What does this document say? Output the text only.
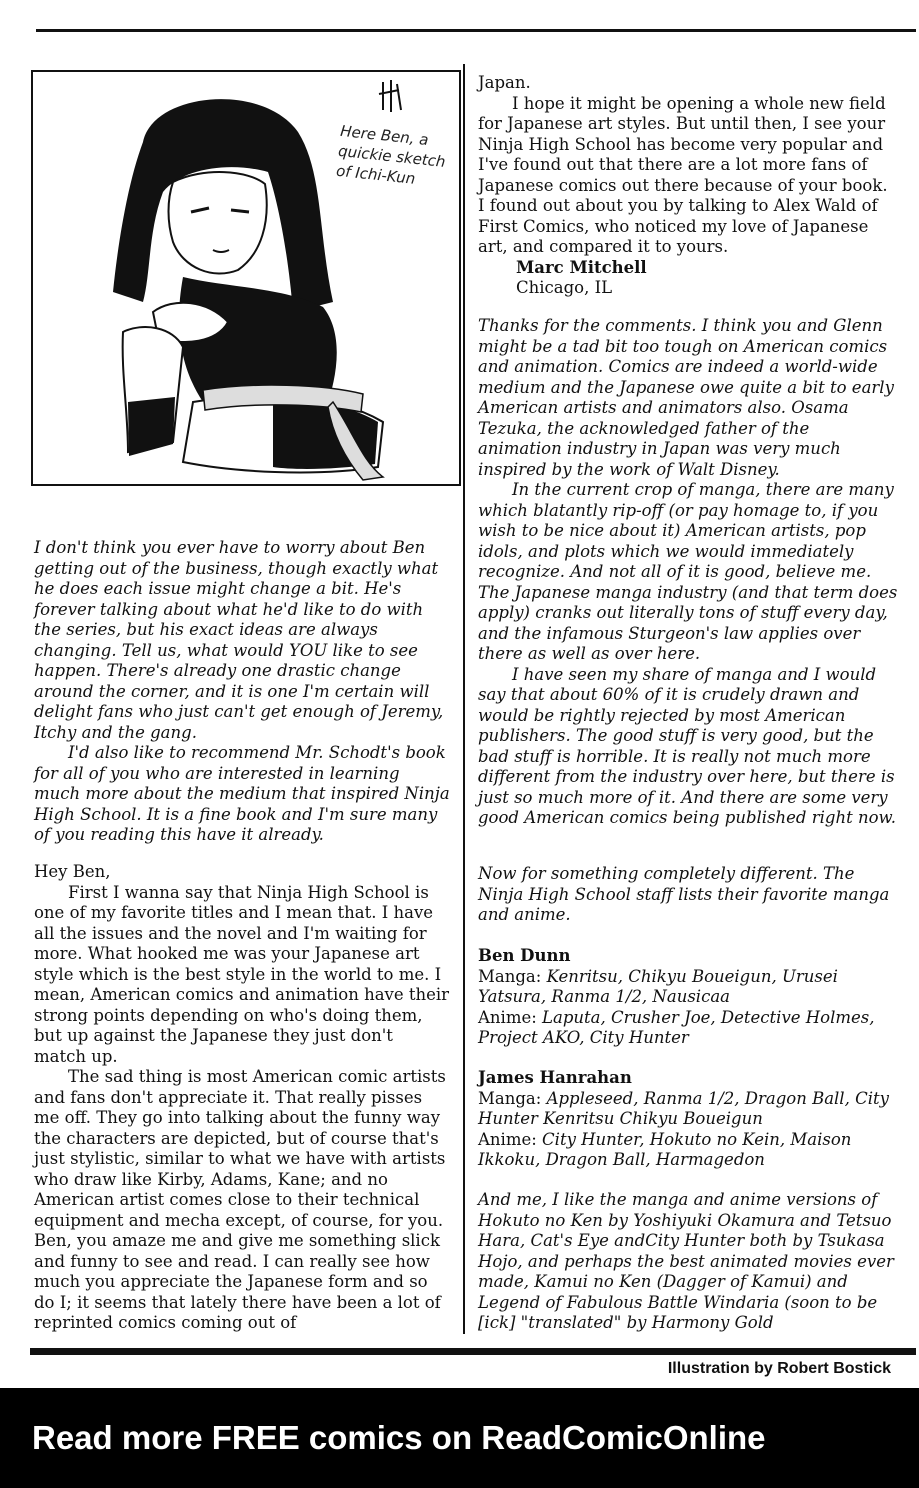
Here Ben, a quickie sketch of Ichi-Kun

I don't think you ever have to worry about Ben getting out of the business, though exactly what he does each issue might change a bit. He's forever talking about what he'd like to do with the series, but his exact ideas are always changing. Tell us, what would YOU like to see happen. There's already one drastic change around the corner, and it is one I'm certain will delight fans who just can't get enough of Jeremy, Itchy and the gang.

I'd also like to recommend Mr. Schodt's book for all of you who are interested in learning much more about the medium that inspired Ninja High School. It is a fine book and I'm sure many of you reading this have it already.

Hey Ben,

First I wanna say that Ninja High School is one of my favorite titles and I mean that. I have all the issues and the novel and I'm waiting for more. What hooked me was your Japanese art style which is the best style in the world to me. I mean, American comics and animation have their strong points depending on who's doing them, but up against the Japanese they just don't match up.

The sad thing is most American comic artists and fans don't appreciate it. That really pisses me off. They go into talking about the funny way the characters are depicted, but of course that's just stylistic, similar to what we have with artists who draw like Kirby, Adams, Kane; and no American artist comes close to their technical equipment and mecha except, of course, for you. Ben, you amaze me and give me something slick and funny to see and read. I can really see how much you appreciate the Japanese form and so do I; it seems that lately there have been a lot of reprinted comics coming out of

Japan.

I hope it might be opening a whole new field for Japanese art styles. But until then, I see your Ninja High School has become very popular and I've found out that there are a lot more fans of Japanese comics out there because of your book. I found out about you by talking to Alex Wald of First Comics, who noticed my love of Japanese art, and compared it to yours.

Marc Mitchell

Chicago, IL

Thanks for the comments. I think you and Glenn might be a tad bit too tough on American comics and animation. Comics are indeed a world-wide medium and the Japanese owe quite a bit to early American artists and animators also. Osama Tezuka, the acknowledged father of the animation industry in Japan was very much inspired by the work of Walt Disney.

In the current crop of manga, there are many which blatantly rip-off (or pay homage to, if you wish to be nice about it) American artists, pop idols, and plots which we would immediately recognize. And not all of it is good, believe me. The Japanese manga industry (and that term does apply) cranks out literally tons of stuff every day, and the infamous Sturgeon's law applies over there as well as over here.

I have seen my share of manga and I would say that about 60% of it is crudely drawn and would be rightly rejected by most American publishers. The good stuff is very good, but the bad stuff is horrible. It is really not much more different from the industry over here, but there is just so much more of it. And there are some very good American comics being published right now.

Now for something completely different. The Ninja High School staff lists their favorite manga and anime.

Ben Dunn

Manga: Kenritsu, Chikyu Boueigun, Urusei Yatsura, Ranma 1/2, Nausicaa

Anime: Laputa, Crusher Joe, Detective Holmes, Project AKO, City Hunter

James Hanrahan

Manga: Appleseed, Ranma 1/2, Dragon Ball, City Hunter Kenritsu Chikyu Boueigun

Anime: City Hunter, Hokuto no Kein, Maison Ikkoku, Dragon Ball, Harmagedon

And me, I like the manga and anime versions of Hokuto no Ken by Yoshiyuki Okamura and Tetsuo Hara, Cat's Eye andCity Hunter both by Tsukasa Hojo, and perhaps the best animated movies ever made, Kamui no Ken (Dagger of Kamui) and Legend of Fabulous Battle Windaria (soon to be [ick] "translated" by Harmony Gold

Illustration by Robert Bostick
Read more FREE comics on ReadComicOnline
